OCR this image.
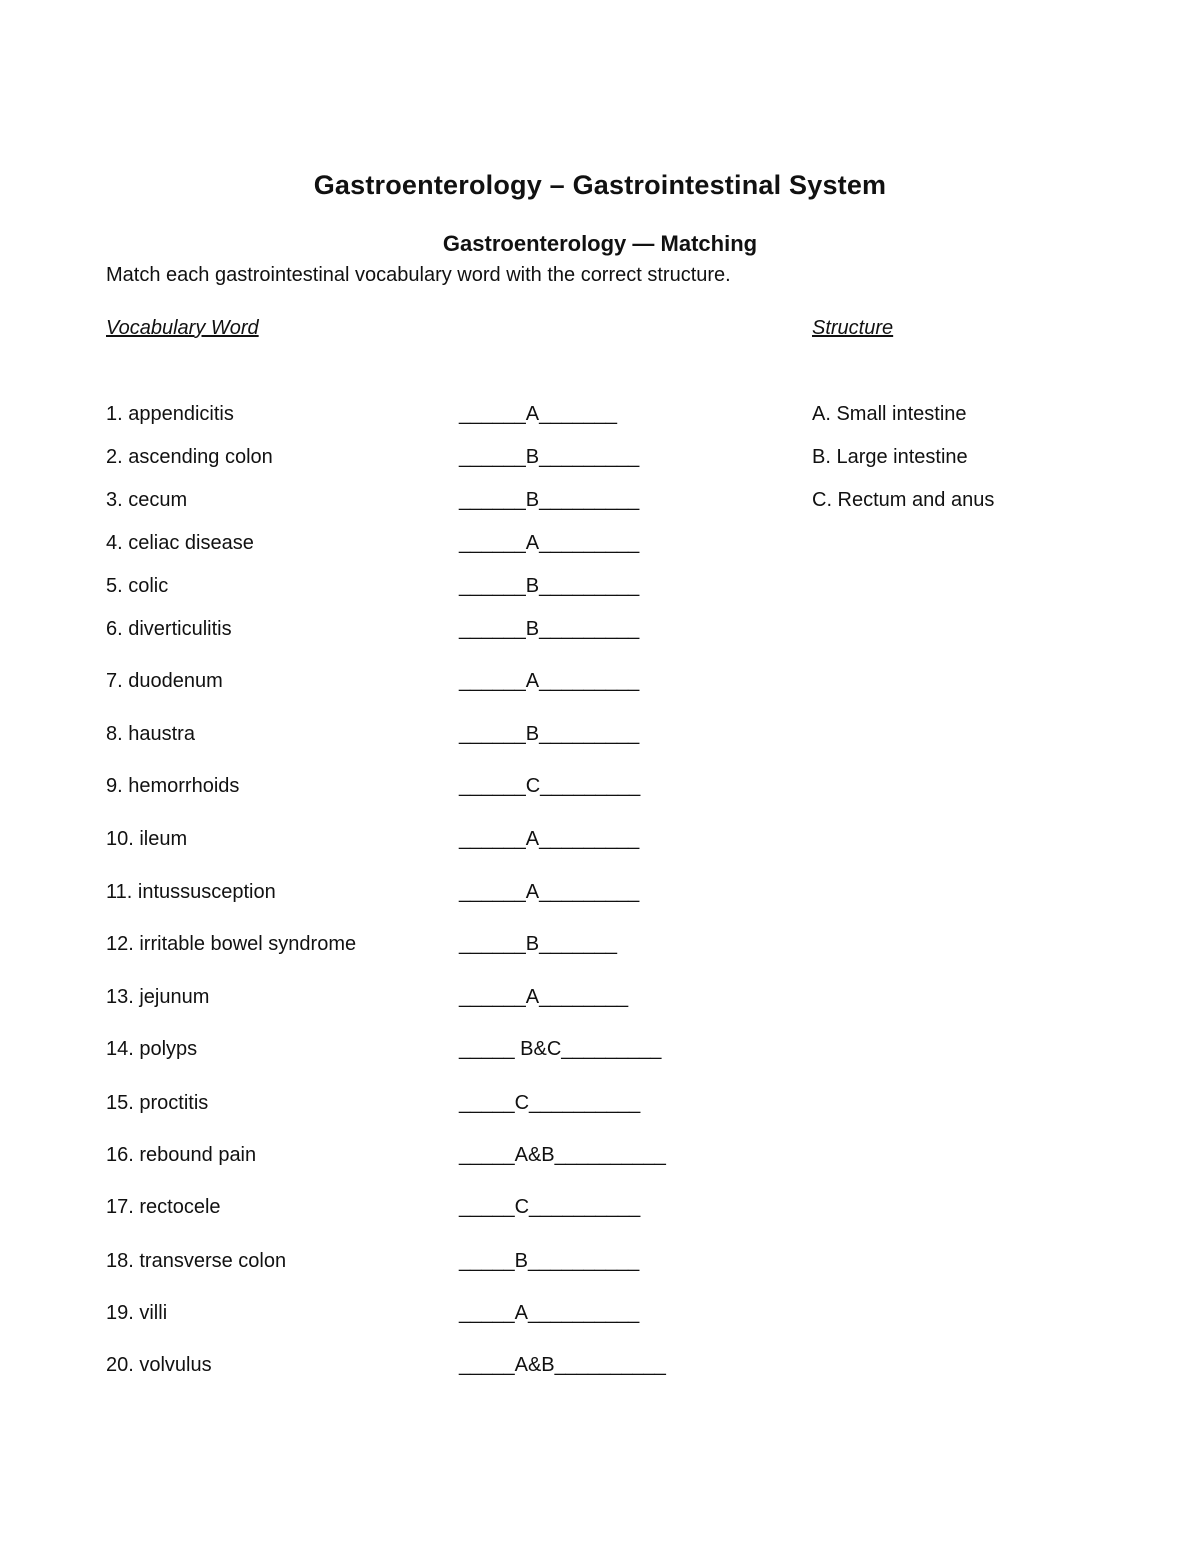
Gastroenterology – Gastrointestinal System
Gastroenterology — Matching
Match each gastrointestinal vocabulary word with the correct structure.
Vocabulary Word	Structure
1. appendicitis	______A_______
2. ascending colon	______B_________
3. cecum	______B_________
4. celiac disease	______A_________
5. colic	______B_________
6. diverticulitis	______B_________
7. duodenum	______A_________
8. haustra	______B_________
9. hemorrhoids	______C_________
10. ileum	______A_________
11. intussusception	______A_________
12. irritable bowel syndrome	______B_______
13. jejunum	______A________
14. polyps	_____ B&C_________
15. proctitis	_____C__________
16. rebound pain	_____A&B__________
17. rectocele	_____C__________
18. transverse colon	_____B__________
19. villi	_____A__________
20. volvulus	_____A&B__________
A. Small intestine
B. Large intestine
C. Rectum and anus
